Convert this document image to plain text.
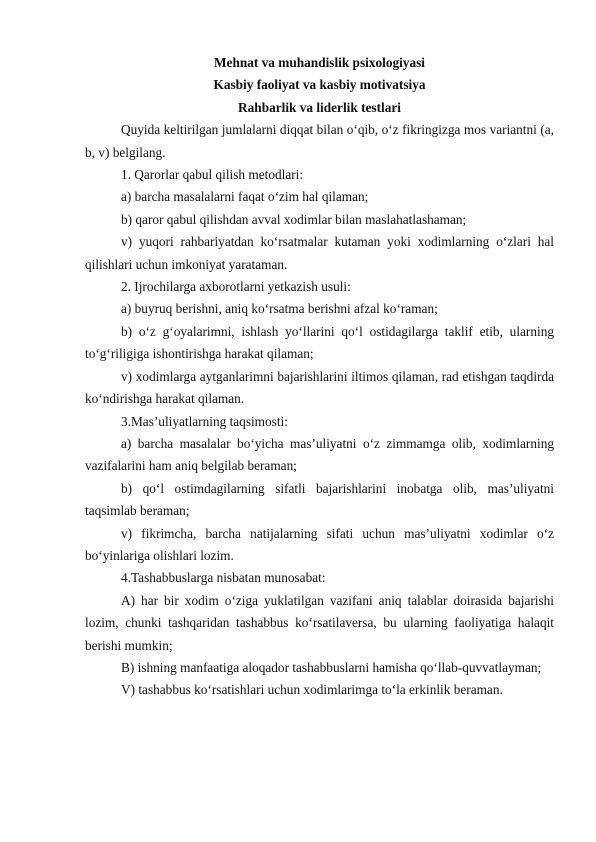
Mehnat va muhandislik psixologiyasi

Kasbiy faoliyat va kasbiy motivatsiya

Rahbarlik va liderlik testlari

Quyida keltirilgan jumlalarni diqqat bilan o‘qib, o‘z fikringizga mos variantni (a, b, v) belgilang.

1. Qarorlar qabul qilish metodlari:

a) barcha masalalarni faqat o‘zim hal qilaman;

b) qaror qabul qilishdan avval xodimlar bilan maslahatlashaman;

v) yuqori rahbariyatdan ko‘rsatmalar kutaman yoki xodimlarning o‘zlari hal qilishlari uchun imkoniyat yarataman.

2. Ijrochilarga axborotlarni yetkazish usuli:

a) buyruq berishni, aniq ko‘rsatma berishni afzal ko‘raman;

b) o‘z g‘oyalarimni, ishlash yo‘llarini qo‘l ostidagilarga taklif etib, ularning to‘g‘riligiga ishontirishga harakat qilaman;

v) xodimlarga aytganlarimni bajarishlarini iltimos qilaman, rad etishgan taqdirda ko‘ndirishga harakat qilaman.

3.Mas’uliyatlarning taqsimosti:

a) barcha masalalar bo‘yicha mas’uliyatni o‘z zimmamga olib, xodimlarning vazifalarini ham aniq belgilab beraman;

b) qo‘l ostimdagilarning sifatli bajarishlarini inobatga olib, mas’uliyatni taqsimlab beraman;

v) fikrimcha, barcha natijalarning sifati uchun mas’uliyatni xodimlar o‘z bo‘yinlariga olishlari lozim.

4.Tashabbuslarga nisbatan munosabat:

A) har bir xodim o‘ziga yuklatilgan vazifani aniq talablar doirasida bajarishi lozim, chunki tashqaridan tashabbus ko‘rsatilaversa, bu ularning faoliyatiga halaqit berishi mumkin;

B) ishning manfaatiga aloqador tashabbuslarni hamisha qo‘llab-quvvatlayman;

V) tashabbus ko‘rsatishlari uchun xodimlarimga to‘la erkinlik beraman.
